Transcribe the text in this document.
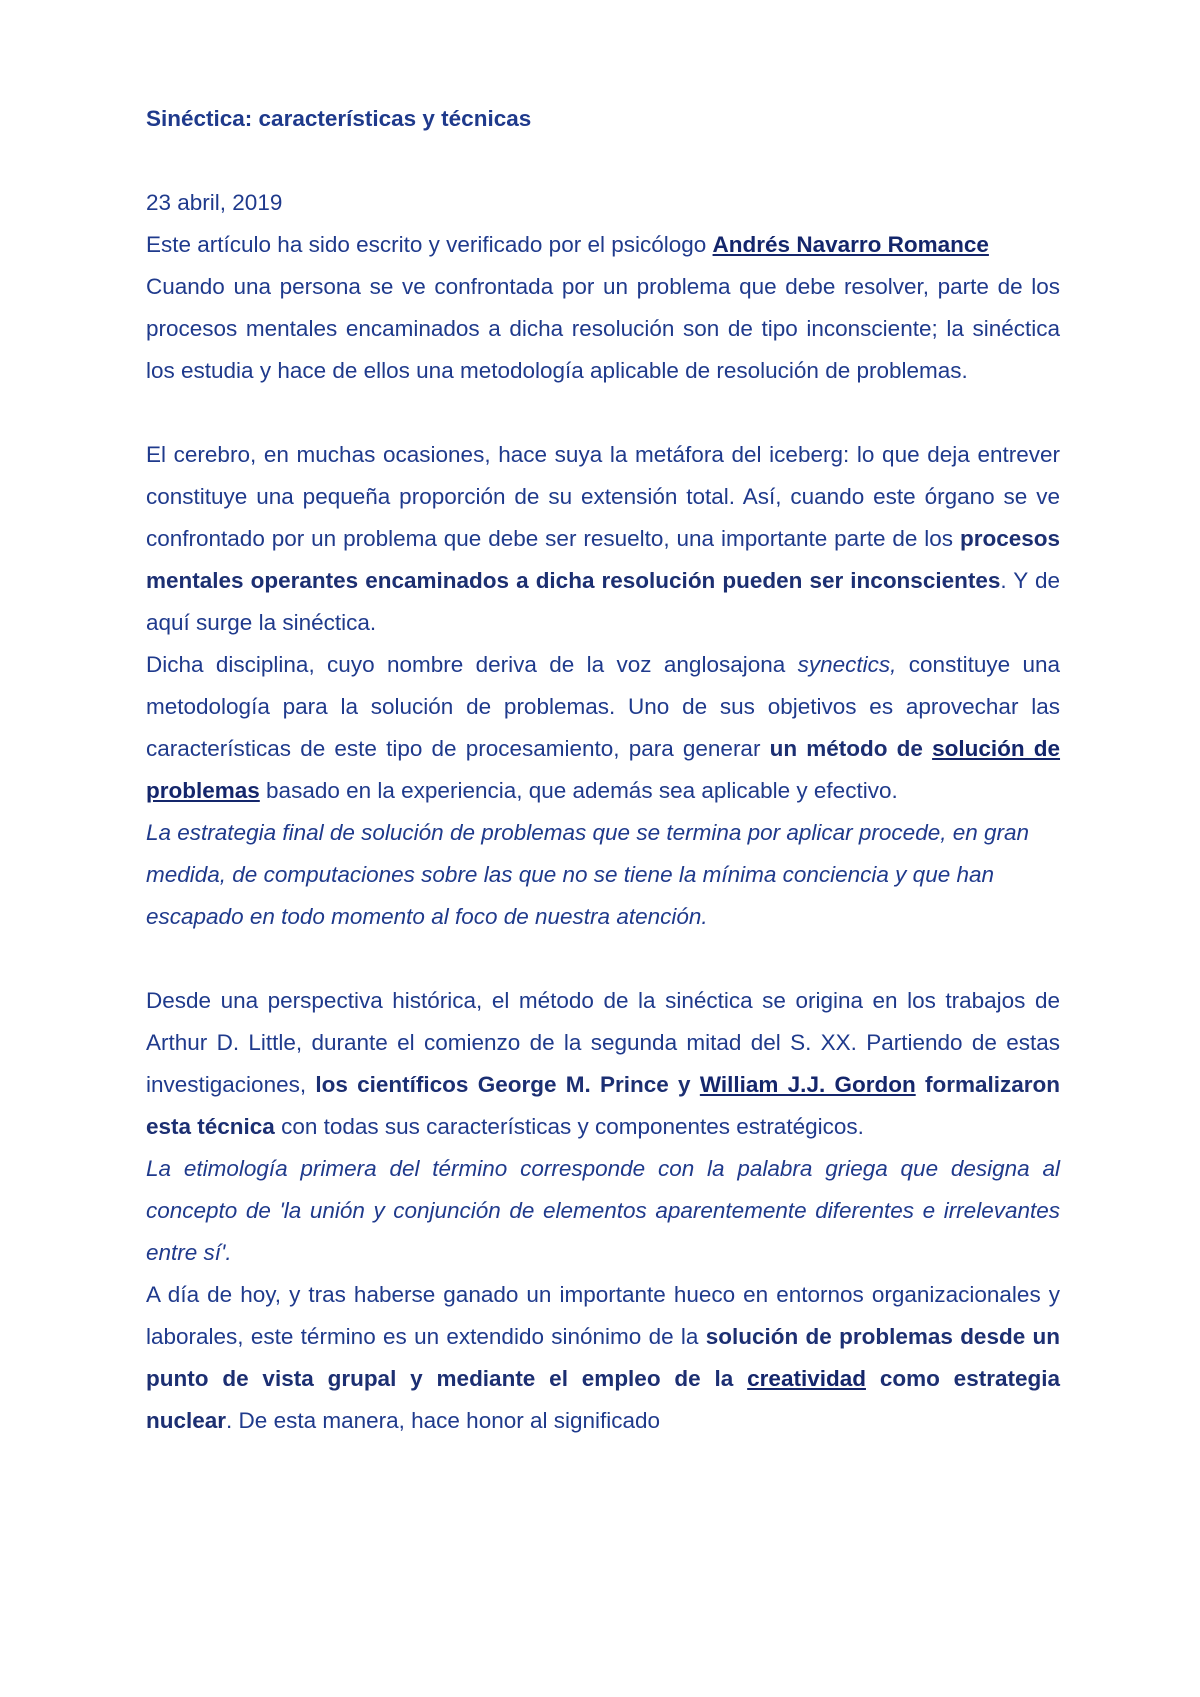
Sinéctica: características y técnicas

23 abril, 2019

Este artículo ha sido escrito y verificado por el psicólogo Andrés Navarro Romance

Cuando una persona se ve confrontada por un problema que debe resolver, parte de los procesos mentales encaminados a dicha resolución son de tipo inconsciente; la sinéctica los estudia y hace de ellos una metodología aplicable de resolución de problemas.

El cerebro, en muchas ocasiones, hace suya la metáfora del iceberg: lo que deja entrever constituye una pequeña proporción de su extensión total. Así, cuando este órgano se ve confrontado por un problema que debe ser resuelto, una importante parte de los procesos mentales operantes encaminados a dicha resolución pueden ser inconscientes. Y de aquí surge la sinéctica.

Dicha disciplina, cuyo nombre deriva de la voz anglosajona synectics, constituye una metodología para la solución de problemas. Uno de sus objetivos es aprovechar las características de este tipo de procesamiento, para generar un método de solución de problemas basado en la experiencia, que además sea aplicable y efectivo.

La estrategia final de solución de problemas que se termina por aplicar procede, en gran medida, de computaciones sobre las que no se tiene la mínima conciencia y que han escapado en todo momento al foco de nuestra atención.

Desde una perspectiva histórica, el método de la sinéctica se origina en los trabajos de Arthur D. Little, durante el comienzo de la segunda mitad del S. XX. Partiendo de estas investigaciones, los científicos George M. Prince y William J.J. Gordon formalizaron esta técnica con todas sus características y componentes estratégicos.

La etimología primera del término corresponde con la palabra griega que designa al concepto de 'la unión y conjunción de elementos aparentemente diferentes e irrelevantes entre sí'.

A día de hoy, y tras haberse ganado un importante hueco en entornos organizacionales y laborales, este término es un extendido sinónimo de la solución de problemas desde un punto de vista grupal y mediante el empleo de la creatividad como estrategia nuclear. De esta manera, hace honor al significado
